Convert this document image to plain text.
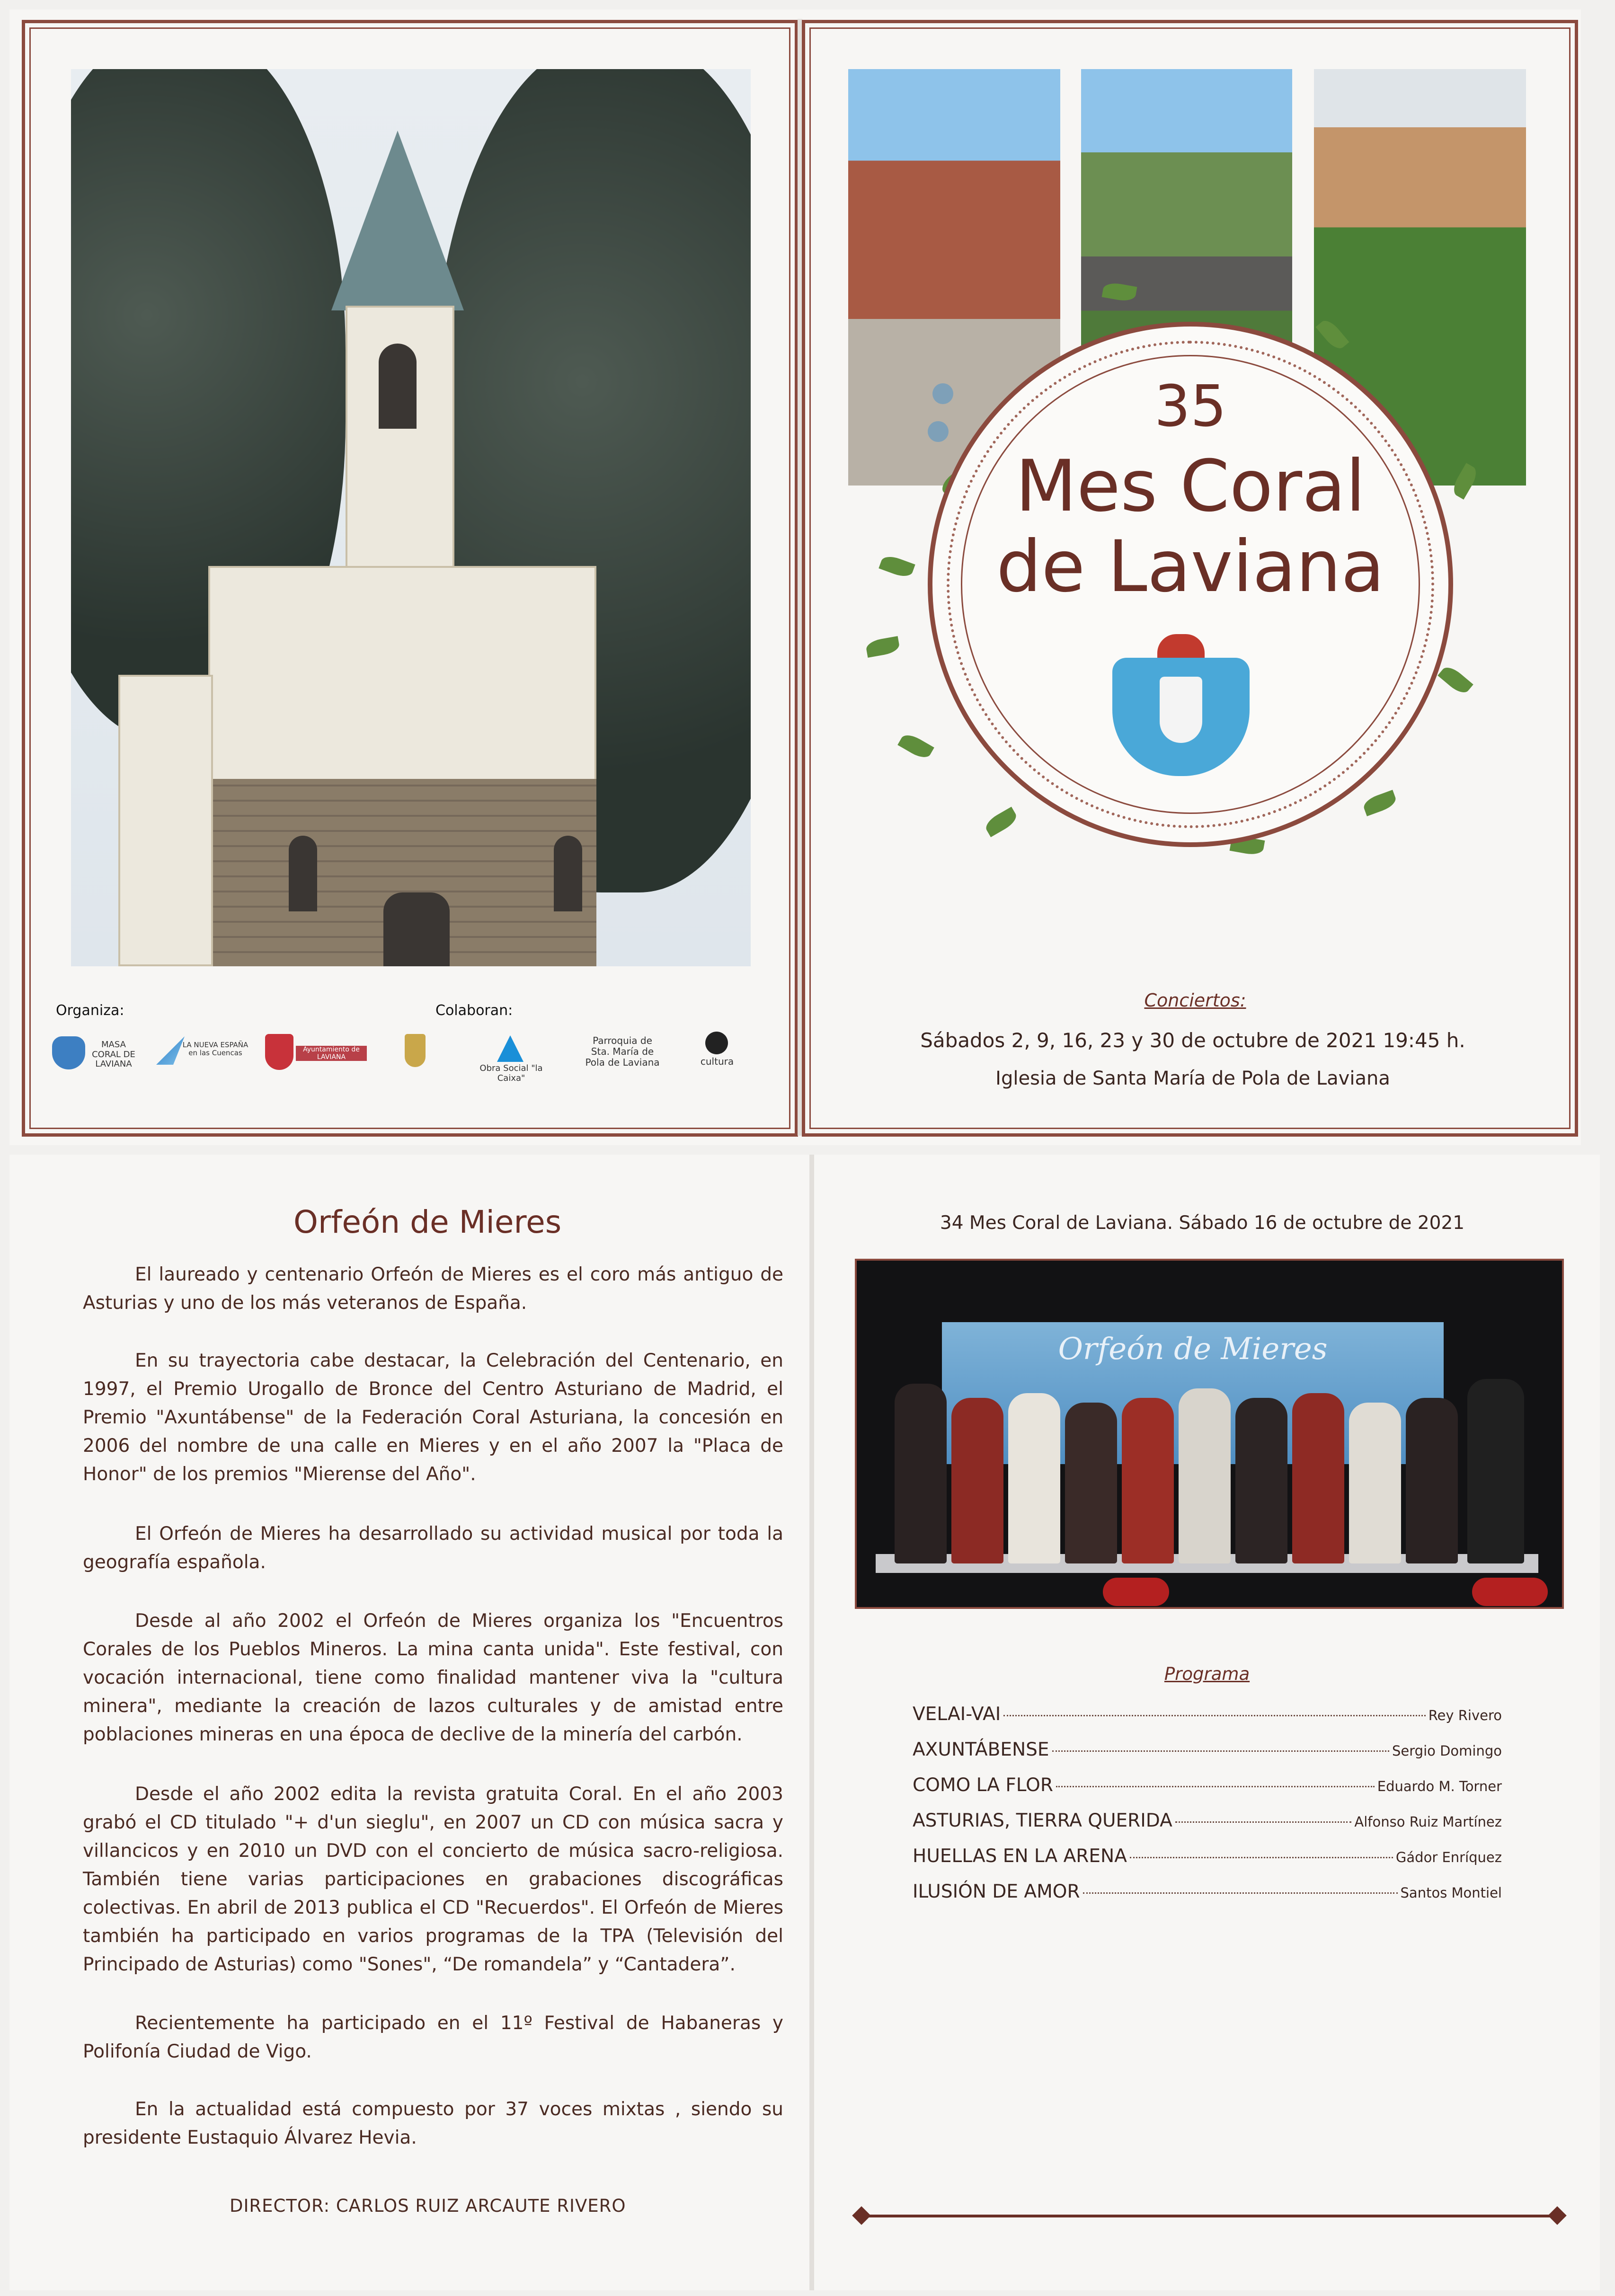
Organiza:	Colaboran:
MASA CORAL DE LAVIANA
LA NUEVA ESPAÑA en las Cuencas	Ayuntamiento de LAVIANA
Obra Social "la Caixa"
Parroquia de Sta. María de Pola de Laviana	cultura
35
Mes Coral
de Laviana
Conciertos:
Sábados 2, 9, 16, 23 y 30 de octubre de 2021 19:45 h.
Iglesia de Santa María de Pola de Laviana
Orfeón de Mieres

El laureado y centenario Orfeón de Mieres es el coro más antiguo de Asturias y uno de los más veteranos de España.

En su trayectoria cabe destacar, la Celebración del Centenario, en 1997, el Premio Urogallo de Bronce del Centro Asturiano de Madrid, el Premio "Axuntábense" de la Federación Coral Asturiana, la concesión en 2006 del nombre de una calle en Mieres y en el año 2007 la "Placa de Honor" de los premios "Mierense del Año".

El Orfeón de Mieres ha desarrollado su actividad musical por toda la geografía española.

Desde al año 2002 el Orfeón de Mieres organiza los "Encuentros Corales de los Pueblos Mineros. La mina canta unida". Este festival, con vocación internacional, tiene como finalidad mantener viva la "cultura minera", mediante la creación de lazos culturales y de amistad entre poblaciones mineras en una época de declive de la minería del carbón.

Desde el año 2002 edita la revista gratuita Coral. En el año 2003 grabó el CD titulado "+ d'un sieglu", en 2007 un CD con música sacra y villancicos y en 2010 un DVD con el concierto de música sacro-religiosa. También tiene varias participaciones en grabaciones discográficas colectivas. En abril de 2013 publica el CD "Recuerdos". El Orfeón de Mieres también ha participado en varios programas de la TPA (Televisión del Principado de Asturias) como "Sones", “De romandela” y “Cantadera”.

Recientemente ha participado en el 11º Festival de Habaneras y Polifonía Ciudad de Vigo.

En la actualidad está compuesto por 37 voces mixtas , siendo su presidente Eustaquio Álvarez Hevia.

DIRECTOR: CARLOS RUIZ ARCAUTE RIVERO
34 Mes Coral de Laviana. Sábado 16 de octubre de 2021
Orfeón de Mieres
Programa
VELAI-VAI	Rey Rivero
AXUNTÁBENSE	Sergio Domingo
COMO LA FLOR	Eduardo M. Torner
ASTURIAS, TIERRA QUERIDA	Alfonso Ruiz Martínez
HUELLAS EN LA ARENA	Gádor Enríquez
ILUSIÓN DE AMOR	Santos Montiel
